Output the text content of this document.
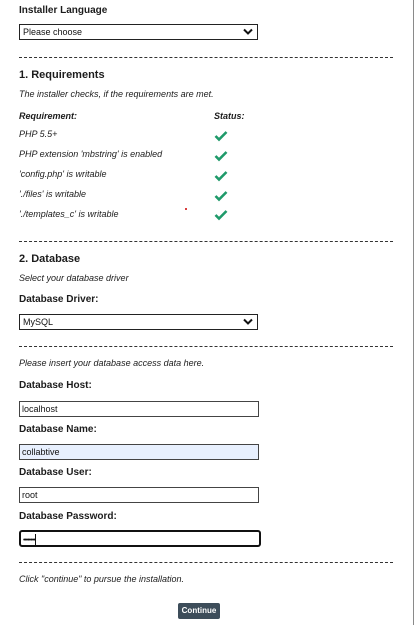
Installer Language
Please choose
1. Requirements
The installer checks, if the requirements are met.
Requirement:	Status:
PHP 5.5+
PHP extension 'mbstring' is enabled
'config.php' is writable
'./files' is writable
'./templates_c' is writable
2. Database
Select your database driver
Database Driver:
MySQL
Please insert your database access data here.
Database Host:
localhost
Database Name:
collabtive
Database User:
root
Database Password:
••••••••
Click "continue" to pursue the installation.
Continue
